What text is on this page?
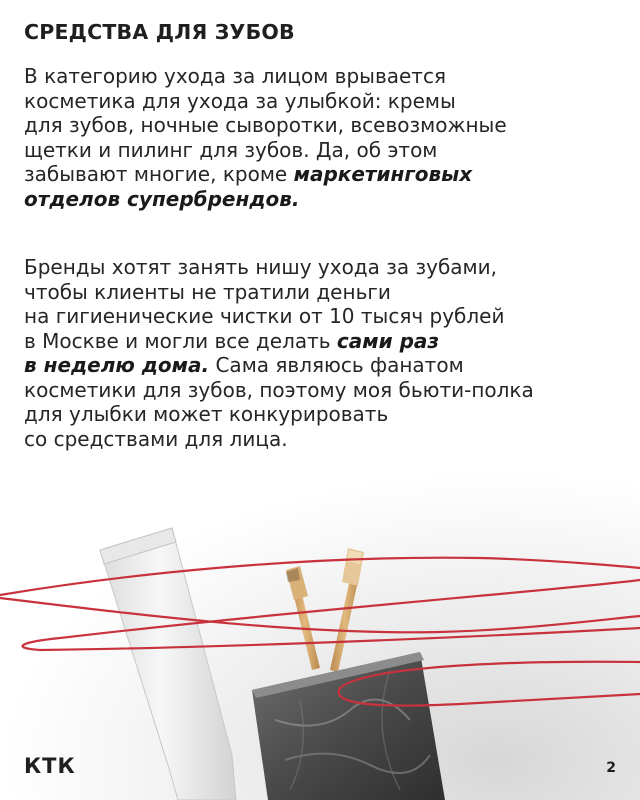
СРЕДСТВА ДЛЯ ЗУБОВ
В категорию ухода за лицом врывается
косметика для ухода за улыбкой: кремы
для зубов, ночные сыворотки, всевозможные
щетки и пилинг для зубов. Да, об этом
забывают многие, кроме маркетинговых
отделов супербрендов.
Бренды хотят занять нишу ухода за зубами,
чтобы клиенты не тратили деньги
на гигиенические чистки от 10 тысяч рублей
в Москве и могли все делать сами раз
в неделю дома. Сама являюсь фанатом
косметики для зубов, поэтому моя бьюти-полка
для улыбки может конкурировать
со средствами для лица.
КТК	2
